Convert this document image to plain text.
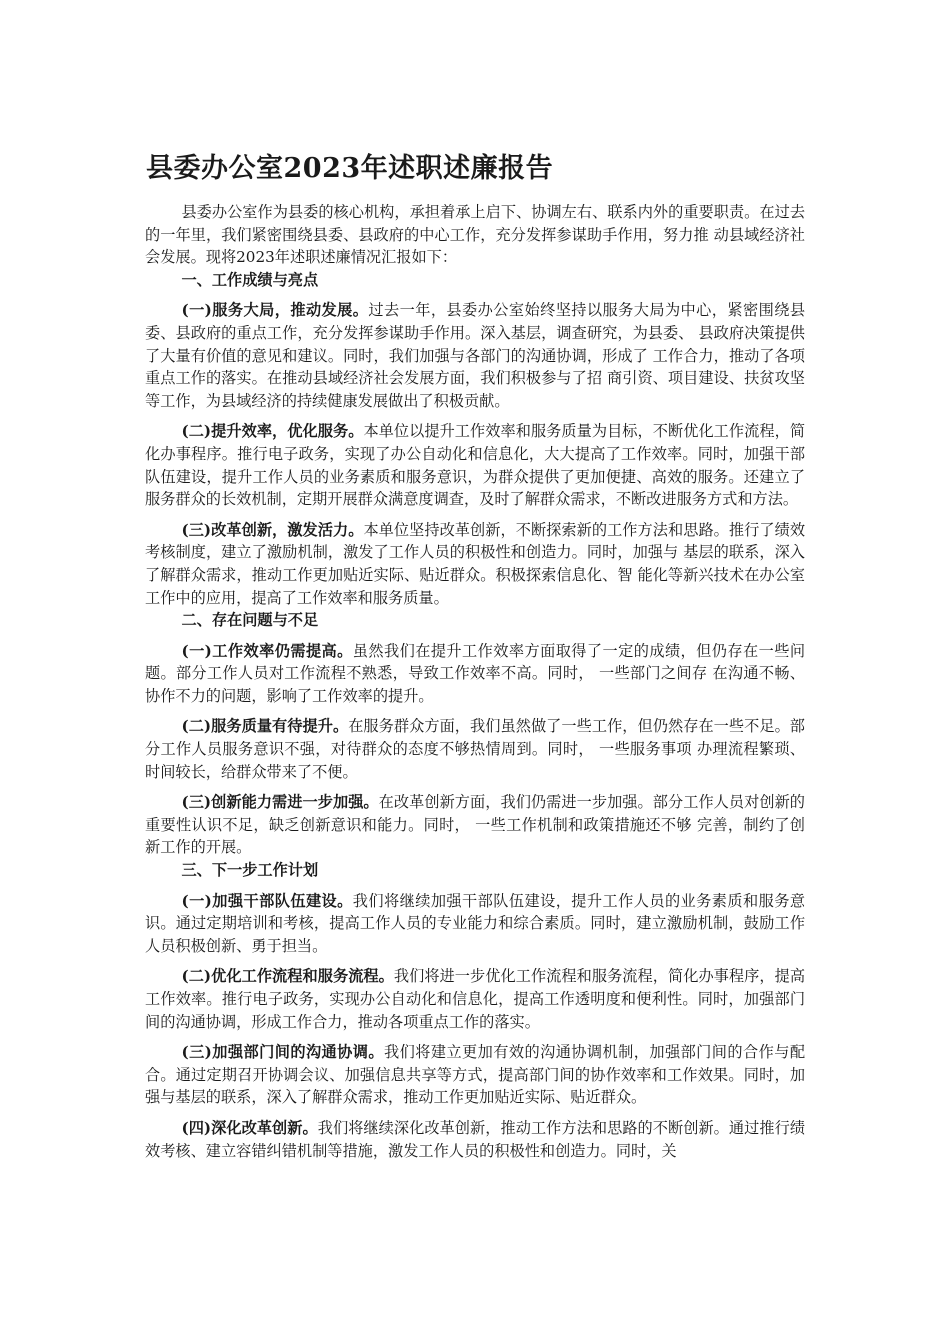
县委办公室2023年述职述廉报告

县委办公室作为县委的核心机构，承担着承上启下、协调左右、联系内外的重要职责。在过去的一年里，我们紧密围绕县委、县政府的中心工作，充分发挥参谋助手作用，努力推 动县域经济社会发展。现将2023年述职述廉情况汇报如下：

一、工作成绩与亮点

(一)服务大局，推动发展。过去一年，县委办公室始终坚持以服务大局为中心，紧密围绕县委、县政府的重点工作，充分发挥参谋助手作用。深入基层，调查研究，为县委、 县政府决策提供了大量有价值的意见和建议。同时，我们加强与各部门的沟通协调，形成了 工作合力，推动了各项重点工作的落实。在推动县域经济社会发展方面，我们积极参与了招 商引资、项目建设、扶贫攻坚等工作，为县域经济的持续健康发展做出了积极贡献。

(二)提升效率，优化服务。本单位以提升工作效率和服务质量为目标，不断优化工作流程，简化办事程序。推行电子政务，实现了办公自动化和信息化，大大提高了工作效率。同时，加强干部队伍建设，提升工作人员的业务素质和服务意识，为群众提供了更加便捷、高效的服务。还建立了服务群众的长效机制，定期开展群众满意度调查，及时了解群众需求，不断改进服务方式和方法。

(三)改革创新，激发活力。本单位坚持改革创新，不断探索新的工作方法和思路。推行了绩效考核制度，建立了激励机制，激发了工作人员的积极性和创造力。同时，加强与 基层的联系，深入了解群众需求，推动工作更加贴近实际、贴近群众。积极探索信息化、智 能化等新兴技术在办公室工作中的应用，提高了工作效率和服务质量。

二、存在问题与不足

(一)工作效率仍需提高。虽然我们在提升工作效率方面取得了一定的成绩，但仍存在一些问题。部分工作人员对工作流程不熟悉，导致工作效率不高。同时， 一些部门之间存 在沟通不畅、协作不力的问题，影响了工作效率的提升。

(二)服务质量有待提升。在服务群众方面，我们虽然做了一些工作，但仍然存在一些不足。部分工作人员服务意识不强，对待群众的态度不够热情周到。同时， 一些服务事项 办理流程繁琐、时间较长，给群众带来了不便。

(三)创新能力需进一步加强。在改革创新方面，我们仍需进一步加强。部分工作人员对创新的重要性认识不足，缺乏创新意识和能力。同时， 一些工作机制和政策措施还不够 完善，制约了创新工作的开展。

三、下一步工作计划

(一)加强干部队伍建设。我们将继续加强干部队伍建设，提升工作人员的业务素质和服务意识。通过定期培训和考核，提高工作人员的专业能力和综合素质。同时，建立激励机制，鼓励工作人员积极创新、勇于担当。

(二)优化工作流程和服务流程。我们将进一步优化工作流程和服务流程，简化办事程序，提高工作效率。推行电子政务，实现办公自动化和信息化，提高工作透明度和便利性。同时，加强部门间的沟通协调，形成工作合力，推动各项重点工作的落实。

(三)加强部门间的沟通协调。我们将建立更加有效的沟通协调机制，加强部门间的合作与配合。通过定期召开协调会议、加强信息共享等方式，提高部门间的协作效率和工作效果。同时，加强与基层的联系，深入了解群众需求，推动工作更加贴近实际、贴近群众。

(四)深化改革创新。我们将继续深化改革创新，推动工作方法和思路的不断创新。通过推行绩效考核、建立容错纠错机制等措施，激发工作人员的积极性和创造力。同时，关
